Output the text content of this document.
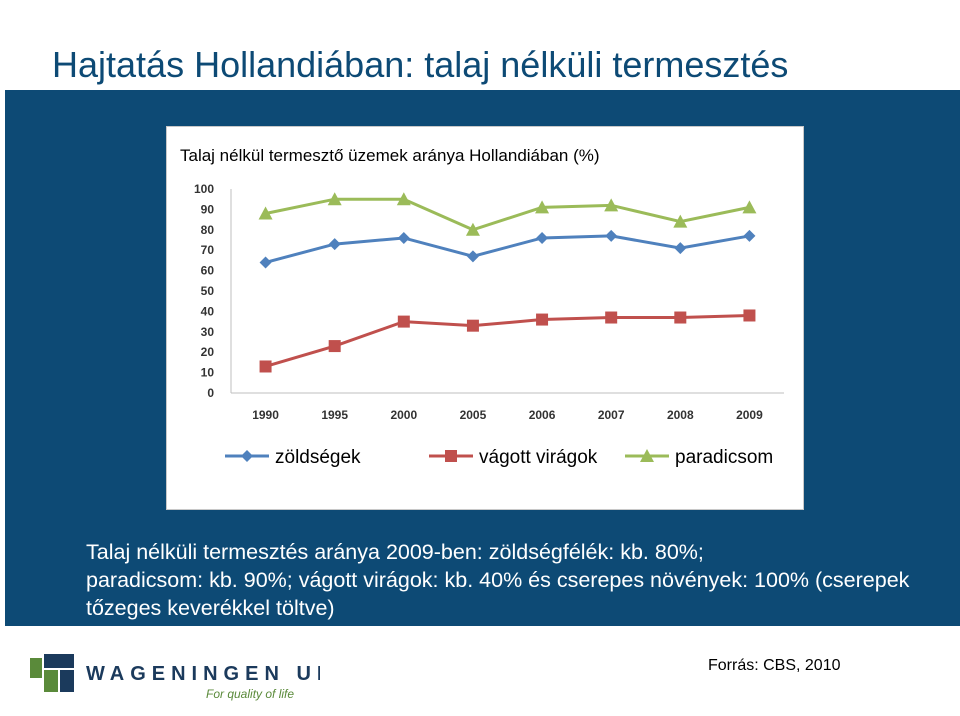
Hajtatás Hollandiában: talaj nélküli termesztés
Talaj nélkül termesztő üzemek aránya Hollandiában (%)
0
10
20
30
40
50
60
70
80
90
100
1990	1995	2000	2005	2006	2007	2008	2009
zöldségek	vágott virágok	paradicsom
Talaj nélküli termesztés aránya 2009-ben: zöldségfélék: kb. 80%;
paradicsom: kb. 90%; vágott virágok: kb. 40% és cserepes növények: 100% (cserepek tőzeges keverékkel töltve)
WAGENINGEN UR
For quality of life
Forrás: CBS, 2010
